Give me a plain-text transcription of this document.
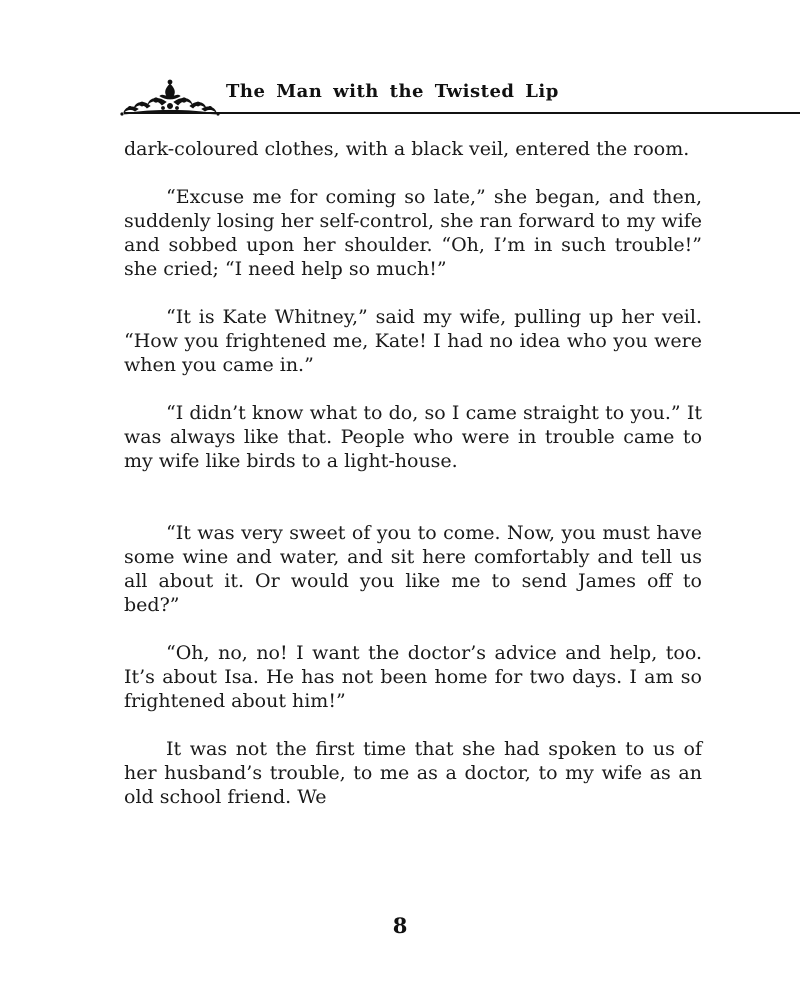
The Man with the Twisted Lip

dark-coloured clothes, with a black veil, entered the room.

“Excuse me for coming so late,” she began, and then, suddenly losing her self-control, she ran forward to my wife and sobbed upon her shoulder. “Oh, I’m in such trouble!” she cried; “I need help so much!”

“It is Kate Whitney,” said my wife, pulling up her veil. “How you frightened me, Kate! I had no idea who you were when you came in.”

“I didn’t know what to do, so I came straight to you.” It was always like that. People who were in trouble came to my wife like birds to a light-house.

“It was very sweet of you to come. Now, you must have some wine and water, and sit here comfortably and tell us all about it. Or would you like me to send James off to bed?”

“Oh, no, no! I want the doctor’s advice and help, too. It’s about Isa. He has not been home for two days. I am so frightened about him!”

It was not the first time that she had spoken to us of her husband’s trouble, to me as a doctor, to my wife as an old school friend. We

8
